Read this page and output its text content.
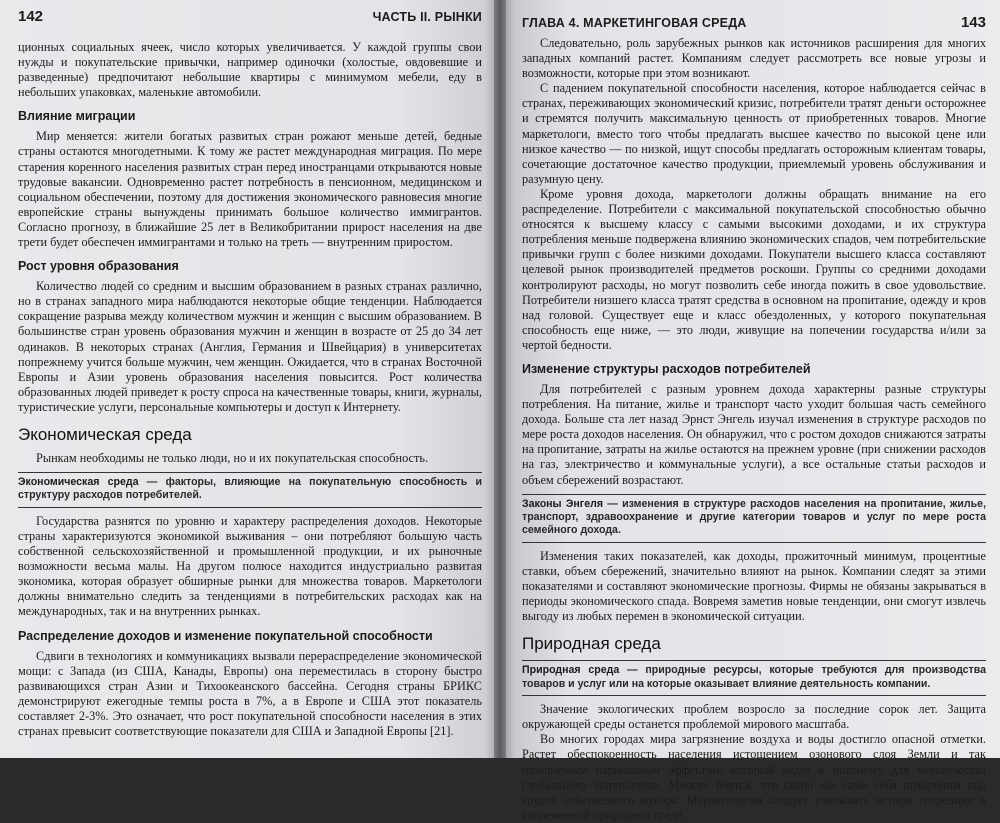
142	ЧАСТЬ II. РЫНКИ

ционных социальных ячеек, число которых увеличивается. У каждой группы свои нужды и покупательские привычки, например одиночки (холостые, овдовевшие и разведенные) предпочитают небольшие квартиры с минимумом мебели, еду в небольших упаковках, маленькие автомобили.

Влияние миграции

Мир меняется: жители богатых развитых стран рожают меньше детей, бедные страны остаются многодетными. К тому же растет международная миграция. По мере старения коренного населения развитых стран перед иностранцами открываются новые трудовые вакансии. Одновременно растет потребность в пенсионном, медицинском и социальном обеспечении, поэтому для достижения экономического равновесия многие европейские страны вынуждены принимать большое количество иммигрантов. Согласно прогнозу, в ближайшие 25 лет в Великобритании прирост населения на две трети будет обеспечен иммигрантами и только на треть — внутренним приростом.

Рост уровня образования

Количество людей со средним и высшим образованием в разных странах различно, но в странах западного мира наблюдаются некоторые общие тенденции. Наблюдается сокращение разрыва между количеством мужчин и женщин с высшим образованием. В большинстве стран уровень образования мужчин и женщин в возрасте от 25 до 34 лет одинаков. В некоторых странах (Англия, Германия и Швейцария) в университетах попрежнему учится больше мужчин, чем женщин. Ожидается, что в странах Восточной Европы и Азии уровень образования населения повысится. Рост количества образованных людей приведет к росту спроса на качественные товары, книги, журналы, туристические услуги, персональные компьютеры и доступ к Интернету.

Экономическая среда

Рынкам необходимы не только люди, но и их покупательская способность.

Экономическая среда — факторы, влияющие на покупательную способность и структуру расходов потребителей.

Государства разнятся по уровню и характеру распределения доходов. Некоторые страны характеризуются экономикой выживания – они потребляют большую часть собственной сельскохозяйственной и промышленной продукции, и их рыночные возможности весьма малы. На другом полюсе находится индустриально развитая экономика, которая образует обширные рынки для множества товаров. Маркетологи должны внимательно следить за тенденциями в потребительских расходах как на международных, так и на внутренних рынках.

Распределение доходов и изменение покупательной способности

Сдвиги в технологиях и коммуникациях вызвали перераспределение экономической мощи: с Запада (из США, Канады, Европы) она переместилась в сторону быстро развивающихся стран Азии и Тихоокеанского бассейна. Сегодня страны БРИКС демонстрируют ежегодные темпы роста в 7%, а в Европе и США этот показатель составляет 2-3%. Это означает, что рост покупательной способности населения в этих странах превысит соответствующие показатели для США и Западной Европы [21].

ГЛАВА 4. МАРКЕТИНГОВАЯ СРЕДА	143

Следовательно, роль зарубежных рынков как источников расширения для многих западных компаний растет. Компаниям следует рассмотреть все новые угрозы и возможности, которые при этом возникают.

С падением покупательной способности населения, которое наблюдается сейчас в странах, переживающих экономический кризис, потребители тратят деньги осторожнее и стремятся получить максимальную ценность от приобретенных товаров. Многие маркетологи, вместо того чтобы предлагать высшее качество по высокой цене или низкое качество — по низкой, ищут способы предлагать осторожным клиентам товары, сочетающие достаточное качество продукции, приемлемый уровень обслуживания и разумную цену.

Кроме уровня дохода, маркетологи должны обращать внимание на его распределение. Потребители с максимальной покупательской способностью обычно относятся к высшему классу с самыми высокими доходами, и их структура потребления меньше подвержена влиянию экономических спадов, чем потребительские привычки групп с более низкими доходами. Покупатели высшего класса составляют целевой рынок производителей предметов роскоши. Группы со средними доходами контролируют расходы, но могут позволить себе иногда пожить в свое удовольствие. Потребители низшего класса тратят средства в основном на пропитание, одежду и кров над головой. Существует еще и класс обездоленных, у которого покупательная способность еще ниже, — это люди, живущие на попечении государства и/или за чертой бедности.

Изменение структуры расходов потребителей

Для потребителей с разным уровнем дохода характерны разные структуры потребления. На питание, жилье и транспорт часто уходит большая часть семейного дохода. Больше ста лет назад Эрнст Энгель изучал изменения в структуре расходов по мере роста доходов населения. Он обнаружил, что с ростом доходов снижаются затраты на пропитание, затраты на жилье остаются на прежнем уровне (при снижении расходов на газ, электричество и коммунальные услуги), а все остальные статьи расходов и объем сбережений возрастают.

Законы Энгеля — изменения в структуре расходов населения на пропитание, жилье, транспорт, здравоохранение и другие категории товаров и услуг по мере роста семейного дохода.

Изменения таких показателей, как доходы, прожиточный минимум, процентные ставки, объем сбережений, значительно влияют на рынок. Компании следят за этими показателями и составляют экономические прогнозы. Фирмы не обязаны закрываться в периоды экономического спада. Вовремя заметив новые тенденции, они смогут извлечь выгоду из любых перемен в экономической ситуации.

Природная среда
Природная среда — природные ресурсы, которые требуются для производства товаров и услуг или на которые оказывает влияние деятельность компании.

Значение экологических проблем возросло за последние сорок лет. Защита окружающей среды останется проблемой мирового масштаба.

Во многих городах мира загрязнение воздуха и воды достигло опасной отметки. Растет обеспокоенность населения истощением озонового слоя Земли и так называемым парниковым эффектом, который ведет к опасному для человечества глобальному потеплению. Многие боятся, что скоро мы сами себя похороним под грудой собственного мусора. Маркетологам следует учитывать четыре тенденции в современной природной среде.
